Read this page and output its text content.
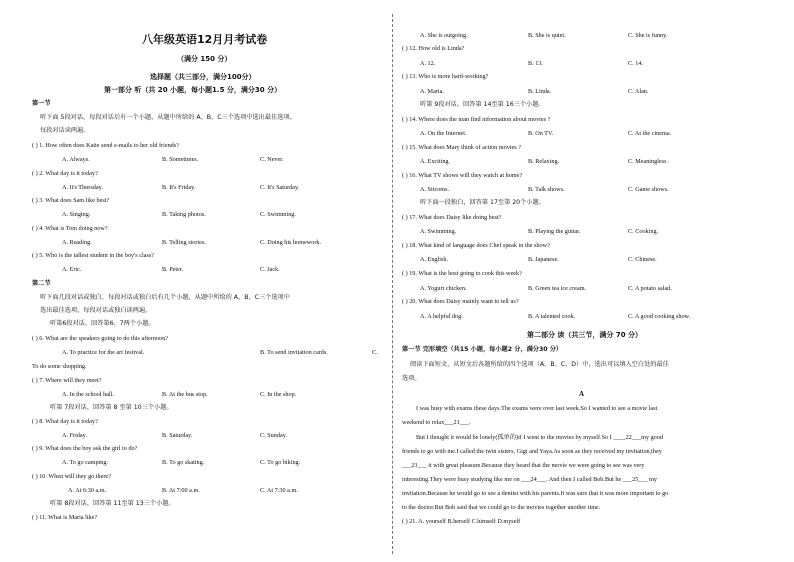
八年级英语12月月考试卷
（满分 150 分）
选择题（共三部分，满分100分）
第一部分 听（共 20 小题，每小题1.5 分，满分30 分）
第一节
听下面 5段对话，每段对话后有一个小题，从题中所给的 A、B、C三个选项中选出最佳选项。
每段对话读两遍。
( ) 1. How often does Katie send e-mails to her old friends?
A. Always.	B. Sometimes.	C. Never.
( ) 2. What day is it today?
A. It's Thursday.	B. It's Friday.	C. It's Saturday.
( ) 3. What does Sam like best?
A. Singing.	B. Taking photos.	C. Swimming.
( ) 4. What is Tom doing now?
A. Reading.	B. Telling stories.	C. Doing his homework.
( ) 5. Who is the tallest student in the boy's class?
A. Eric.	B. Peter.	C. Jack.
第二节
听下面几段对话或独白，每段对话或独白后有几个小题，从题中所给的 A、B、C三个选项中
选出最佳选项。每段对话或独白读两遍。
听第6段对话，回答第6、7两个小题。
( ) 6. What are the speakers going to do this afternoon?
A. To practice for the art festival.	B. To send invitation cards.	C.
To do some shopping.
( ) 7. Where will they meet?
A. In the school hall.	B. At the bus stop.	C. In the shop.
听第 7段对话，回答第 8 至第 10三个小题。
( ) 8. What day is it today?
A. Friday.	B. Saturday.	C. Sunday.
( ) 9. What does the boy ask the girl to do?
A. To go camping.	B. To go skating.	C. To go biking.
( ) 10. When will they go there?
A. At 6:30 a.m.	B. At 7:00 a.m.	C. At 7:30 a.m.
听第 8段对话，回答第 11至第 13三个小题。
( ) 11. What is Maria like?
A. She is outgoing.	B. She is quiet.	C. She is funny.
( ) 12. How old is Linda?
A. 12.	B. 13.	C. 14.
( ) 13. Who is more hard-working?
A. Maria.	B. Linda.	C. Alan.
听第 9段对话，回答第 14至第 16三个小题。
( ) 14. Where does the man find information about movies ?
A. On the Internet.	B. On TV.	C. At the cinema.
( ) 15. What does Mary think of action movies ?
A. Exciting.	B. Relaxing.	C. Meaningless .
( ) 16. What TV shows will they watch at home?
A. Sitcoms.	B. Talk shows.	C. Game shows.
听下面一段独白，回答第 17至第 20个小题。
( ) 17. What does Daisy like doing best?
A. Swimming.	B. Playing the guitar.	C. Cooking.
( ) 18. What kind of language does Chef speak in the show?
A. English.	B. Japanese.	C. Chinese.
( ) 19. What is the host going to cook this week?
A. Yogurt chicken.	B. Green tea ice cream.	C. A potato salad.
( ) 20. What does Daisy mainly want to tell us?
A. A helpful dog.	B. A talented cook.	C. A good cooking show.
第二部分 读（共三节，满分 70 分）
第一节 完形填空（共15 小题，每小题2 分，满分30 分）
阅读下面短文，从短文后各题所给的四个选项（A、B、C、D）中，选出可以填入空白处的最佳
选项。
A
I was busy with exams these days.The exams were over last week.So I wanted to see a movie last
weekend to relax___21___.
But I thought it would be lonely(孤单的)if I went to the movies by myself.So I ____22___my good
friends to go with me.I called the twin sisters, Gigi and Yaya.As soon as they received my invitation,they
___23___ it with great pleasure.Because they heard that the movie we were going to see was very
interesting.They were busy studying like me on ___24___. And then I called Bob.But he ___25___ my
invitation.Because he would go to see a dentist with his parents.It was sure that it was more important to go
to the doctor.But Bob said that we could go to the movies together another time.
( ) 21. A. yourself B.herself C.himself D.myself
